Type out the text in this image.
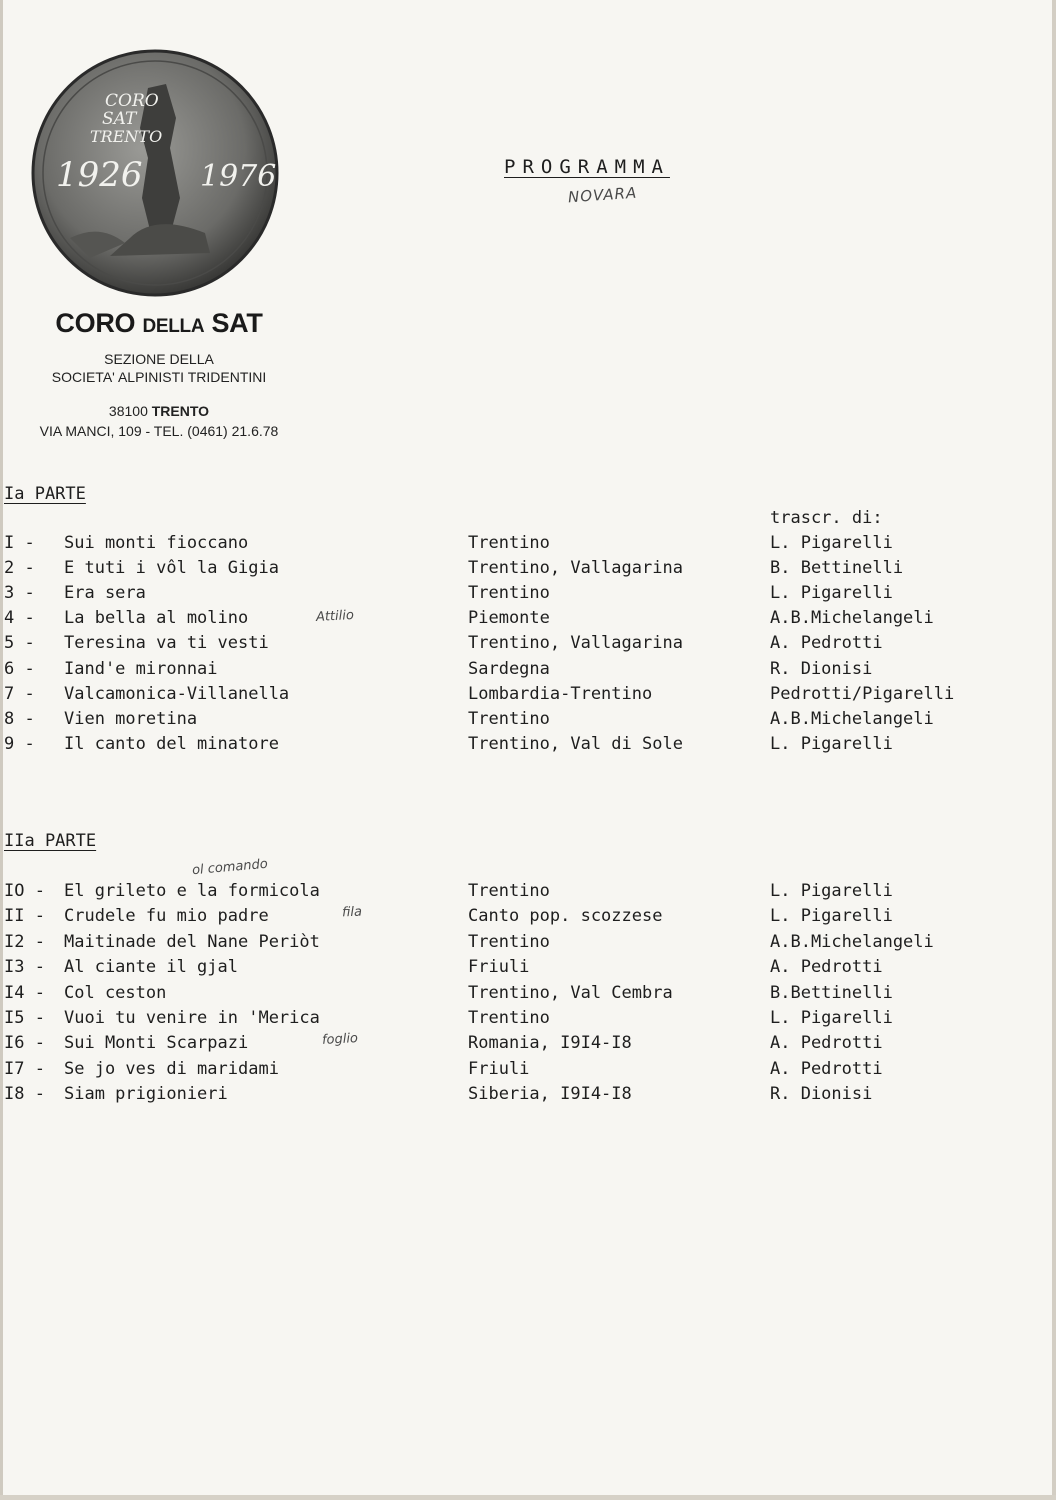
CORO
SAT
TRENTO
1926 1976
CORO DELLA SAT
SEZIONE DELLA
SOCIETA' ALPINISTI TRIDENTINI
38100 TRENTO
VIA MANCI, 109 - TEL. (0461) 21.6.78
PROGRAMMA
NOVARA
Ia PARTE
trascr. di:
I - Sui monti fioccano	Trentino	L. Pigarelli
2 - E tuti i vôl la Gigia	Trentino, Vallagarina	B. Bettinelli
3 - Era sera	Trentino	L. Pigarelli
4 - La bella al molino	Piemonte	A.B.Michelangeli
5 - Teresina va ti vesti	Trentino, Vallagarina	A. Pedrotti
6 - Iand'e mironnai	Sardegna	R. Dionisi
7 - Valcamonica-Villanella	Lombardia-Trentino	Pedrotti/Pigarelli
8 - Vien moretina	Trentino	A.B.Michelangeli
9 - Il canto del minatore	Trentino, Val di Sole	L. Pigarelli
IIa PARTE
IO - El grileto e la formicola	Trentino	L. Pigarelli
II - Crudele fu mio padre	Canto pop. scozzese	L. Pigarelli
I2 - Maitinade del Nane Periòt	Trentino	A.B.Michelangeli
I3 - Al ciante il gjal	Friuli	A. Pedrotti
I4 - Col ceston	Trentino, Val Cembra	B.Bettinelli
I5 - Vuoi tu venire in 'Merica	Trentino	L. Pigarelli
I6 - Sui Monti Scarpazi	Romania, I9I4-I8	A. Pedrotti
I7 - Se jo ves di maridami	Friuli	A. Pedrotti
I8 - Siam prigionieri	Siberia, I9I4-I8	R. Dionisi
Attilio
ol comando
fila
foglio
